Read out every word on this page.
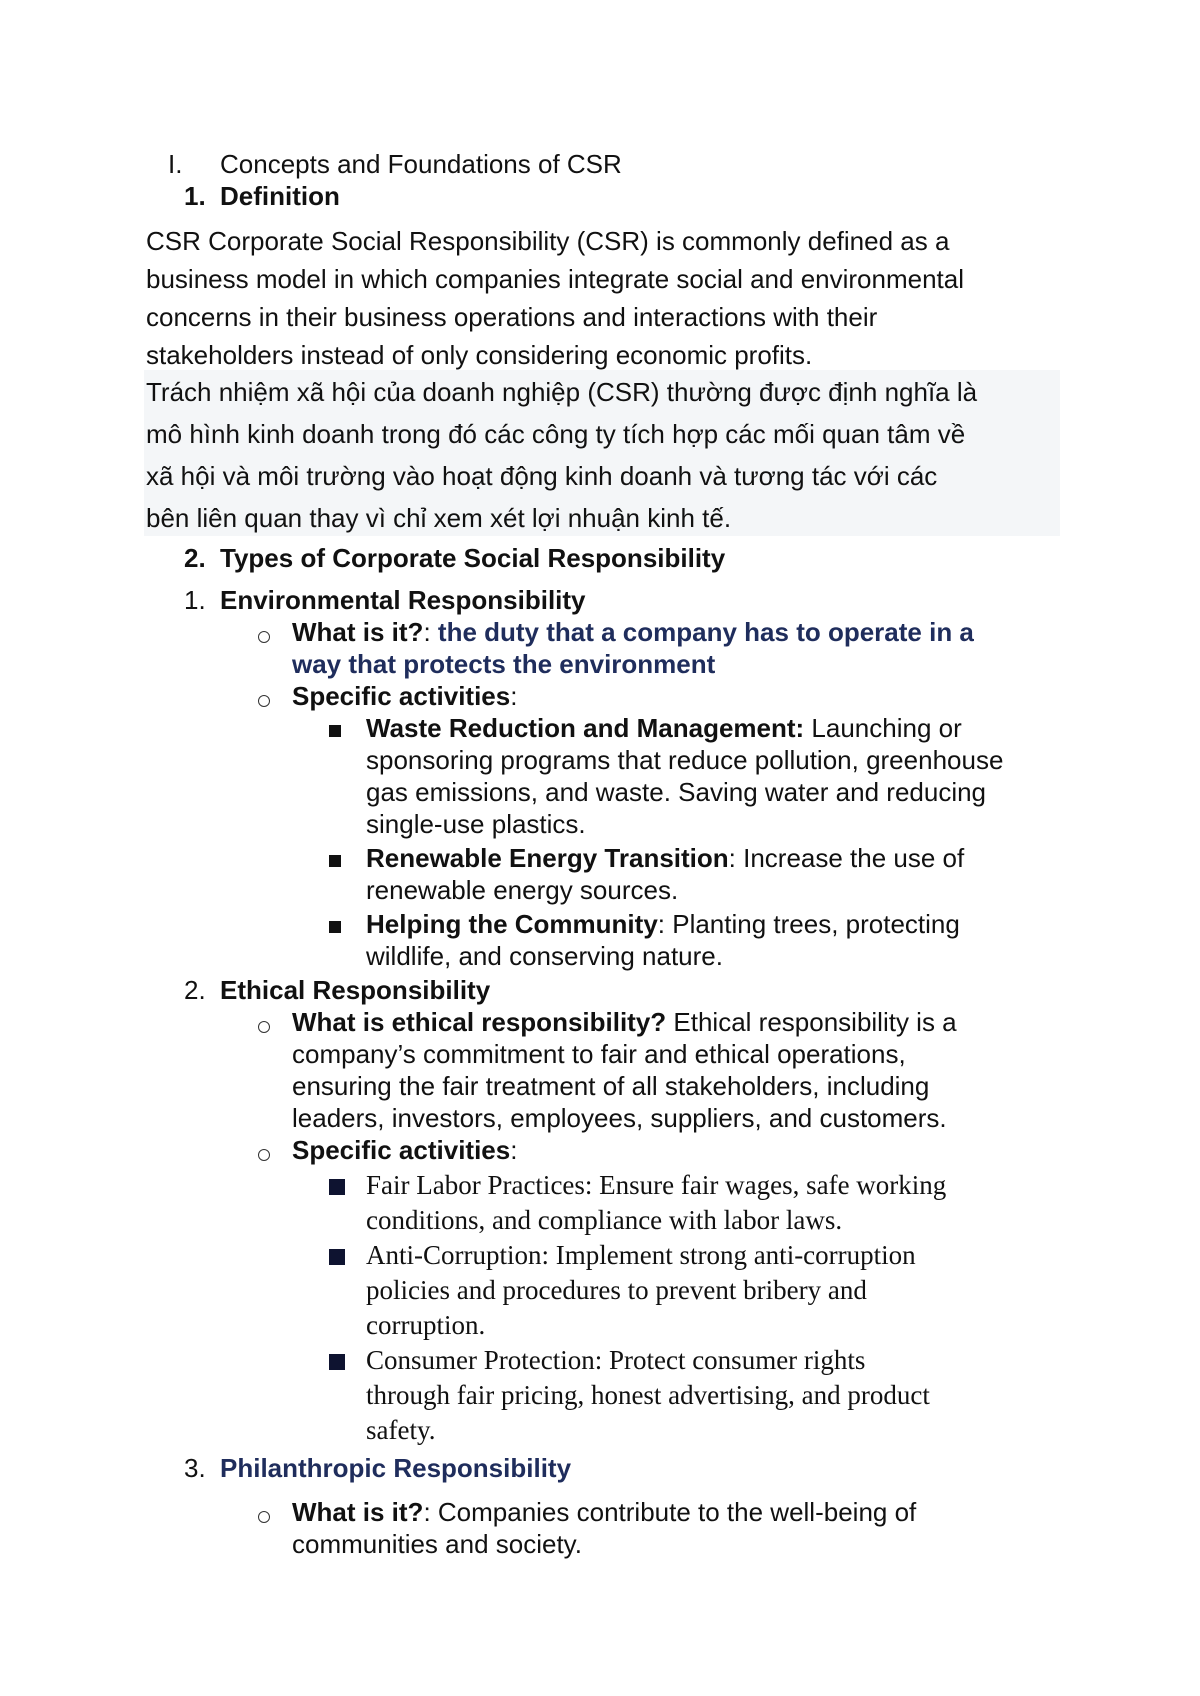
I. Concepts and Foundations of CSR
1. Definition
CSR Corporate Social Responsibility (CSR) is commonly defined as a
business model in which companies integrate social and environmental
concerns in their business operations and interactions with their
stakeholders instead of only considering economic profits.
Trách nhiệm xã hội của doanh nghiệp (CSR) thường được định nghĩa là
mô hình kinh doanh trong đó các công ty tích hợp các mối quan tâm về
xã hội và môi trường vào hoạt động kinh doanh và tương tác với các
bên liên quan thay vì chỉ xem xét lợi nhuận kinh tế.
2. Types of Corporate Social Responsibility
1. Environmental Responsibility
What is it?: the duty that a company has to operate in a
way that protects the environment
Specific activities:
Waste Reduction and Management: Launching or
sponsoring programs that reduce pollution, greenhouse
gas emissions, and waste. Saving water and reducing
single-use plastics.
Renewable Energy Transition: Increase the use of
renewable energy sources.
Helping the Community: Planting trees, protecting
wildlife, and conserving nature.
2. Ethical Responsibility
What is ethical responsibility? Ethical responsibility is a
company’s commitment to fair and ethical operations,
ensuring the fair treatment of all stakeholders, including
leaders, investors, employees, suppliers, and customers.
Specific activities:
Fair Labor Practices: Ensure fair wages, safe working
conditions, and compliance with labor laws.
Anti-Corruption: Implement strong anti-corruption
policies and procedures to prevent bribery and
corruption.
Consumer Protection: Protect consumer rights
through fair pricing, honest advertising, and product
safety.
3. Philanthropic Responsibility
What is it?: Companies contribute to the well-being of
communities and society.
